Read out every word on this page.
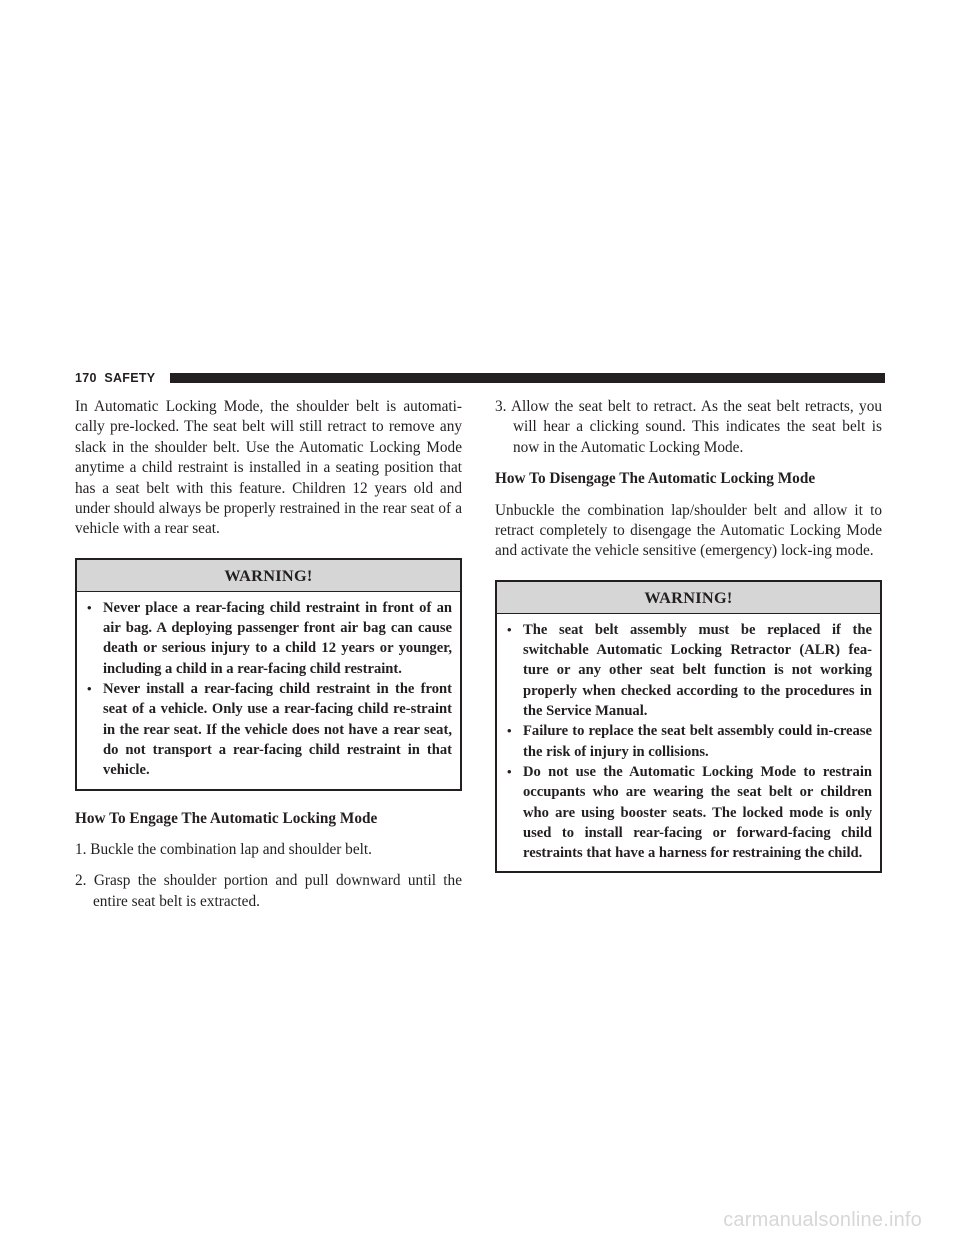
170 SAFETY

In Automatic Locking Mode, the shoulder belt is automati-cally pre-locked. The seat belt will still retract to remove any slack in the shoulder belt. Use the Automatic Locking Mode anytime a child restraint is installed in a seating position that has a seat belt with this feature. Children 12 years old and under should always be properly restrained in the rear seat of a vehicle with a rear seat.

WARNING!
• Never place a rear-facing child restraint in front of an air bag. A deploying passenger front air bag can cause death or serious injury to a child 12 years or younger, including a child in a rear-facing child restraint.
• Never install a rear-facing child restraint in the front seat of a vehicle. Only use a rear-facing child re-straint in the rear seat. If the vehicle does not have a rear seat, do not transport a rear-facing child restraint in that vehicle.

How To Engage The Automatic Locking Mode

1. Buckle the combination lap and shoulder belt.

2. Grasp the shoulder portion and pull downward until the entire seat belt is extracted.

3. Allow the seat belt to retract. As the seat belt retracts, you will hear a clicking sound. This indicates the seat belt is now in the Automatic Locking Mode.

How To Disengage The Automatic Locking Mode

Unbuckle the combination lap/shoulder belt and allow it to retract completely to disengage the Automatic Locking Mode and activate the vehicle sensitive (emergency) lock-ing mode.

WARNING!
• The seat belt assembly must be replaced if the switchable Automatic Locking Retractor (ALR) fea-ture or any other seat belt function is not working properly when checked according to the procedures in the Service Manual.
• Failure to replace the seat belt assembly could in-crease the risk of injury in collisions.
• Do not use the Automatic Locking Mode to restrain occupants who are wearing the seat belt or children who are using booster seats. The locked mode is only used to install rear-facing or forward-facing child restraints that have a harness for restraining the child.
carmanualsonline.info
